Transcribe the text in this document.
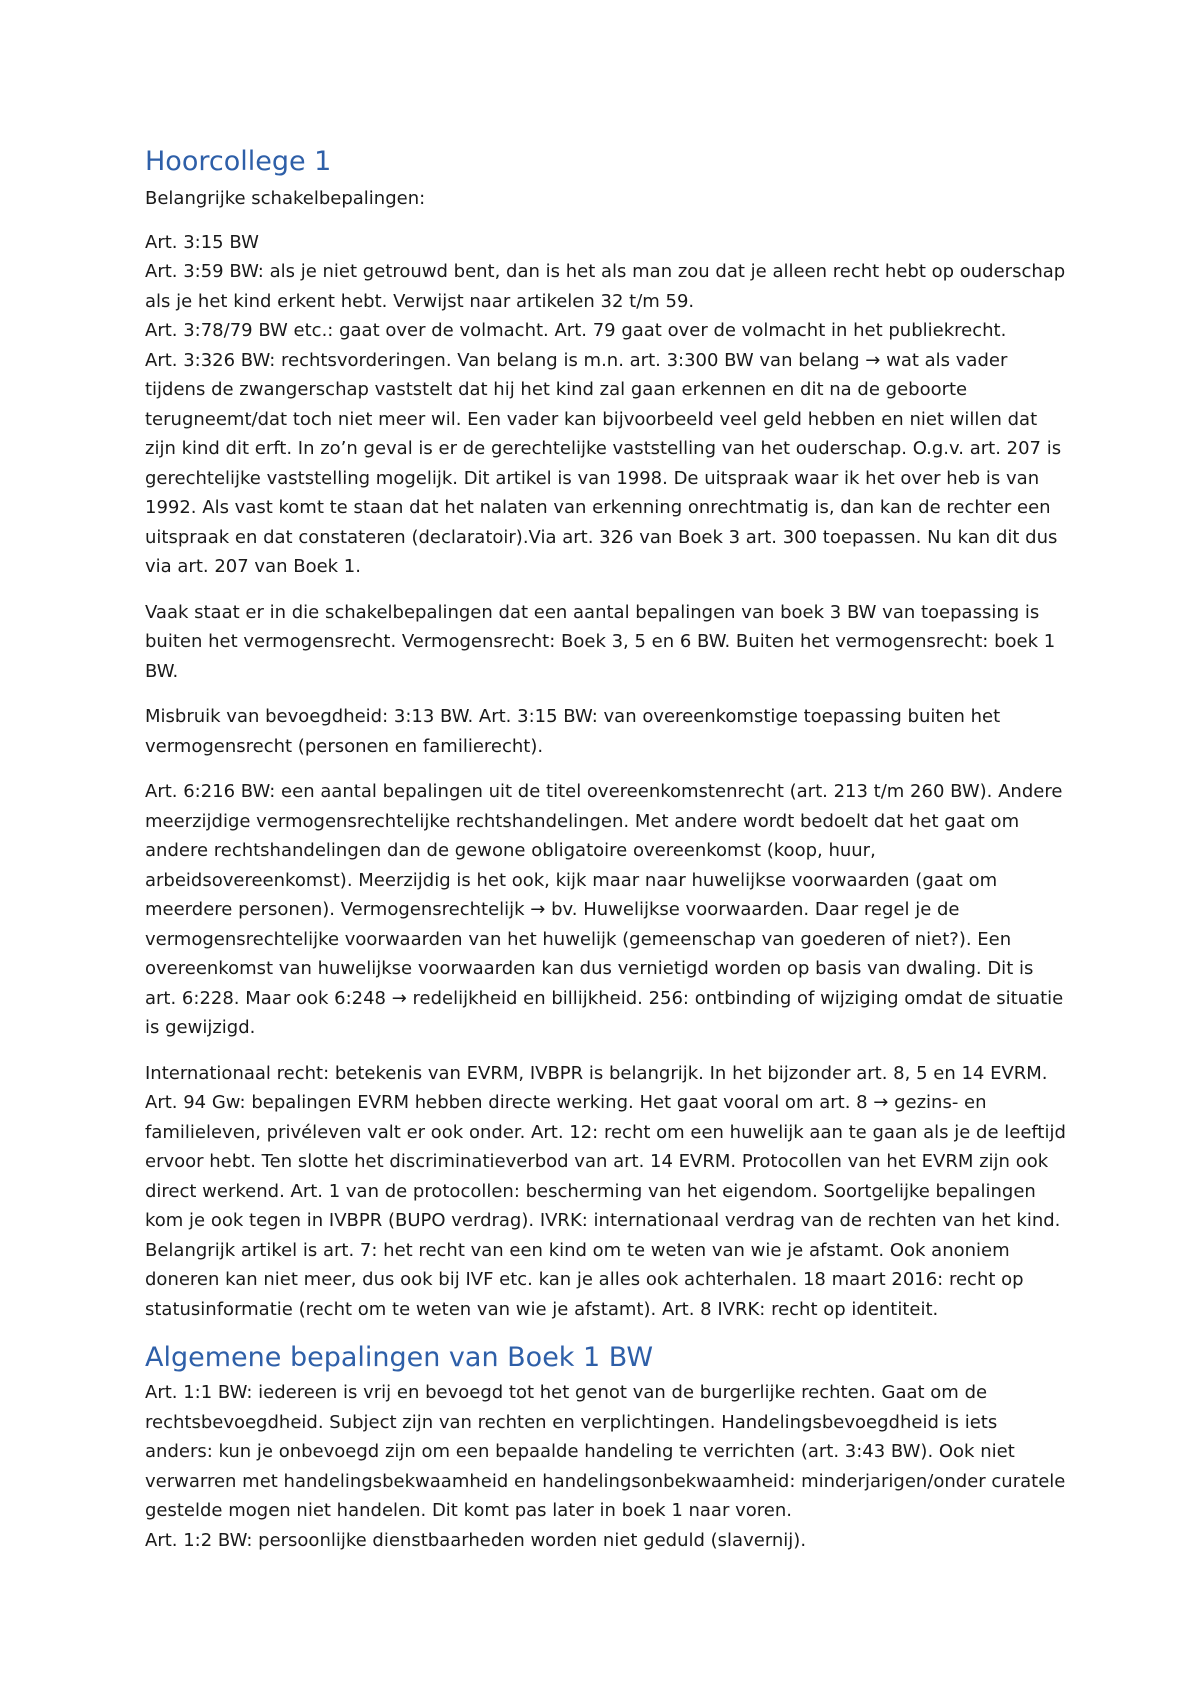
Hoorcollege 1

Belangrijke schakelbepalingen:

Art. 3:15 BW
Art. 3:59 BW: als je niet getrouwd bent, dan is het als man zou dat je alleen recht hebt op ouderschap als je het kind erkent hebt. Verwijst naar artikelen 32 t/m 59.
Art. 3:78/79 BW etc.: gaat over de volmacht. Art. 79 gaat over de volmacht in het publiekrecht.
Art. 3:326 BW: rechtsvorderingen. Van belang is m.n. art. 3:300 BW van belang → wat als vader tijdens de zwangerschap vaststelt dat hij het kind zal gaan erkennen en dit na de geboorte terugneemt/dat toch niet meer wil. Een vader kan bijvoorbeeld veel geld hebben en niet willen dat zijn kind dit erft. In zo’n geval is er de gerechtelijke vaststelling van het ouderschap. O.g.v. art. 207 is gerechtelijke vaststelling mogelijk. Dit artikel is van 1998. De uitspraak waar ik het over heb is van 1992. Als vast komt te staan dat het nalaten van erkenning onrechtmatig is, dan kan de rechter een uitspraak en dat constateren (declaratoir).Via art. 326 van Boek 3 art. 300 toepassen. Nu kan dit dus via art. 207 van Boek 1.

Vaak staat er in die schakelbepalingen dat een aantal bepalingen van boek 3 BW van toepassing is buiten het vermogensrecht. Vermogensrecht: Boek 3, 5 en 6 BW. Buiten het vermogensrecht: boek 1 BW.

Misbruik van bevoegdheid: 3:13 BW. Art. 3:15 BW: van overeenkomstige toepassing buiten het vermogensrecht (personen en familierecht).

Art. 6:216 BW: een aantal bepalingen uit de titel overeenkomstenrecht (art. 213 t/m 260 BW). Andere meerzijdige vermogensrechtelijke rechtshandelingen. Met andere wordt bedoelt dat het gaat om andere rechtshandelingen dan de gewone obligatoire overeenkomst (koop, huur, arbeidsovereenkomst). Meerzijdig is het ook, kijk maar naar huwelijkse voorwaarden (gaat om meerdere personen). Vermogensrechtelijk → bv. Huwelijkse voorwaarden. Daar regel je de vermogensrechtelijke voorwaarden van het huwelijk (gemeenschap van goederen of niet?). Een overeenkomst van huwelijkse voorwaarden kan dus vernietigd worden op basis van dwaling. Dit is art. 6:228. Maar ook 6:248 → redelijkheid en billijkheid. 256: ontbinding of wijziging omdat de situatie is gewijzigd.

Internationaal recht: betekenis van EVRM, IVBPR is belangrijk. In het bijzonder art. 8, 5 en 14 EVRM. Art. 94 Gw: bepalingen EVRM hebben directe werking. Het gaat vooral om art. 8 → gezins- en familieleven, privéleven valt er ook onder. Art. 12: recht om een huwelijk aan te gaan als je de leeftijd ervoor hebt. Ten slotte het discriminatieverbod van art. 14 EVRM. Protocollen van het EVRM zijn ook direct werkend. Art. 1 van de protocollen: bescherming van het eigendom. Soortgelijke bepalingen kom je ook tegen in IVBPR (BUPO verdrag). IVRK: internationaal verdrag van de rechten van het kind. Belangrijk artikel is art. 7: het recht van een kind om te weten van wie je afstamt. Ook anoniem doneren kan niet meer, dus ook bij IVF etc. kan je alles ook achterhalen. 18 maart 2016: recht op statusinformatie (recht om te weten van wie je afstamt). Art. 8 IVRK: recht op identiteit.

Algemene bepalingen van Boek 1 BW
Art. 1:1 BW: iedereen is vrij en bevoegd tot het genot van de burgerlijke rechten. Gaat om de rechtsbevoegdheid. Subject zijn van rechten en verplichtingen. Handelingsbevoegdheid is iets anders: kun je onbevoegd zijn om een bepaalde handeling te verrichten (art. 3:43 BW). Ook niet verwarren met handelingsbekwaamheid en handelingsonbekwaamheid: minderjarigen/onder curatele gestelde mogen niet handelen. Dit komt pas later in boek 1 naar voren.
Art. 1:2 BW: persoonlijke dienstbaarheden worden niet geduld (slavernij).
